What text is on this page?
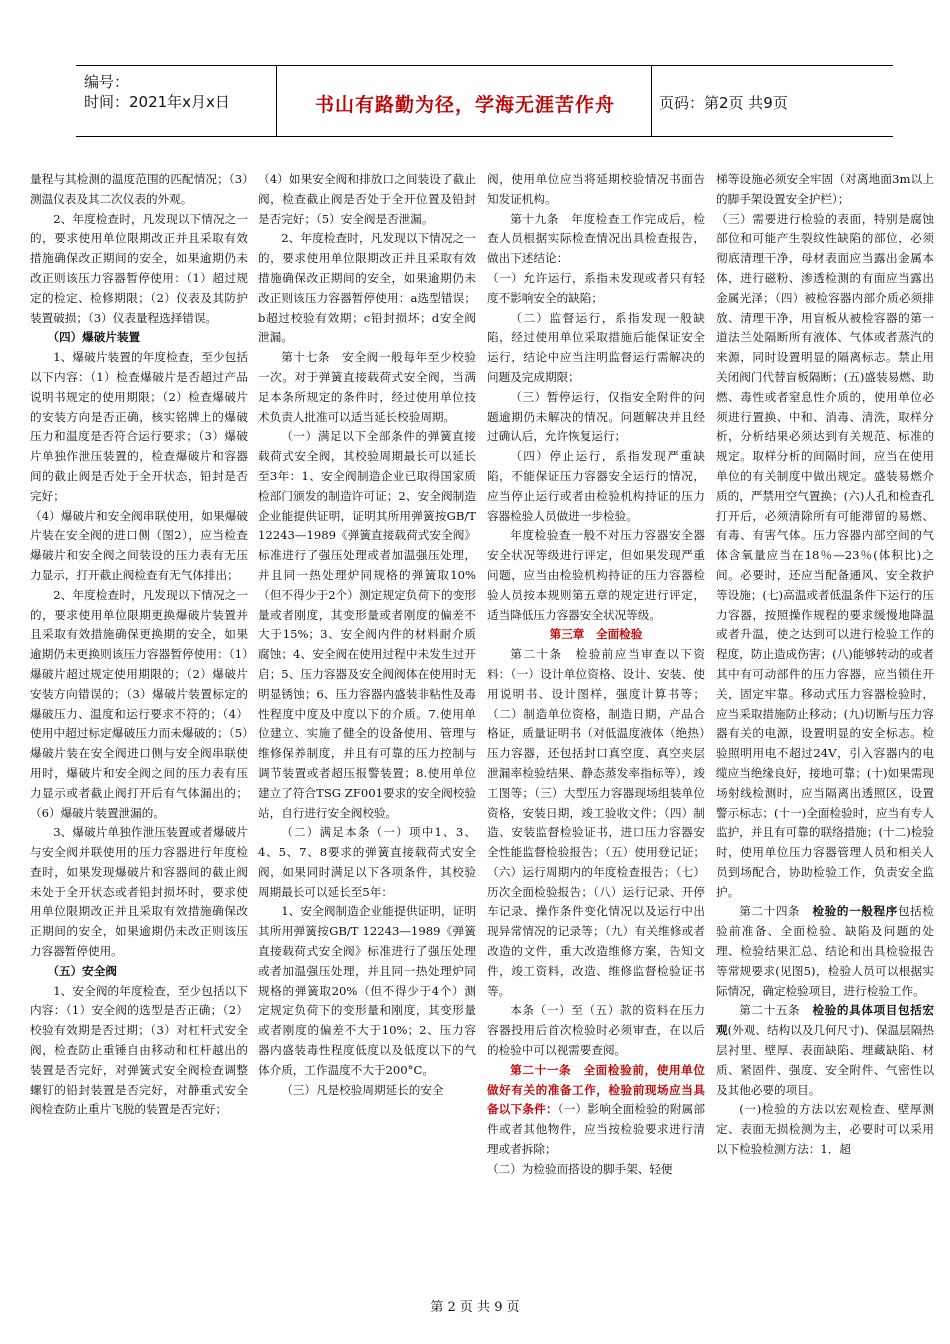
编号：
时间：2021年x月x日	书山有路勤为径，学海无涯苦作舟	页码：第2页 共9页

量程与其检测的温度范围的匹配情况；（3）测温仪表及其二次仪表的外观。

2、年度检查时，凡发现以下情况之一的，要求使用单位限期改正并且采取有效措施确保改正期间的安全，如果逾期仍未改正则该压力容器暂停使用：（1）超过规定的检定、检修期限；（2）仪表及其防护装置破损；（3）仪表量程选择错误。

（四）爆破片装置

1、爆破片装置的年度检查，至少包括以下内容：（1）检查爆破片是否超过产品说明书规定的使用期限；（2）检查爆破片的安装方向是否正确，核实铭牌上的爆破压力和温度是否符合运行要求；（3）爆破片单独作泄压装置的，检查爆破片和容器间的截止阀是否处于全开状态，铅封是否完好；

（4）爆破片和安全阀串联使用，如果爆破片装在安全阀的进口侧（图2），应当检查爆破片和安全阀之间装设的压力表有无压力显示，打开截止阀检查有无气体排出；

2、年度检查时，凡发现以下情况之一的，要求使用单位限期更换爆破片装置并且采取有效措施确保更换期的安全，如果逾期仍未更换则该压力容器暂停使用：（1）爆破片超过规定使用期限的；（2）爆破片安装方向错误的；（3）爆破片装置标定的爆破压力、温度和运行要求不符的；（4）使用中超过标定爆破压力而未爆破的；（5）爆破片装在安全阀进口侧与安全阀串联使用时，爆破片和安全阀之间的压力表有压力显示或者截止阀打开后有气体漏出的；（6）爆破片装置泄漏的。

3、爆破片单独作泄压装置或者爆破片与安全阀并联使用的压力容器进行年度检查时，如果发现爆破片和容器间的截止阀未处于全开状态或者铅封损坏时，要求使用单位限期改正并且采取有效措施确保改正期间的安全，如果逾期仍未改正则该压力容器暂停使用。

（五）安全阀

1、安全阀的年度检查，至少包括以下内容：（1）安全阀的选型是否正确；（2）校验有效期是否过期；（3）对杠杆式安全阀，检查防止重锤自由移动和杠杆越出的装置是否完好，对弹簧式安全阀检查调整螺钉的铅封装置是否完好，对静重式安全阀检查防止重片飞脱的装置是否完好；

（4）如果安全阀和排放口之间装设了截止阀，检查截止阀是否处于全开位置及铅封是否完好；（5）安全阀是否泄漏。

2、年度检查时，凡发现以下情况之一的，要求使用单位限期改正并且采取有效措施确保改正期间的安全，如果逾期仍未改正则该压力容器暂停使用：a选型错误；b超过校验有效期；c铅封损坏；d安全阀泄漏。

第十七条　安全阀一般每年至少校验一次。对于弹簧直接载荷式安全阀，当满足本条所规定的条件时，经过使用单位技术负责人批准可以适当延长校验周期。

（一）满足以下全部条件的弹簧直接载荷式安全阀，其校验周期最长可以延长至3年：1、安全阀制造企业已取得国家质检部门颁发的制造许可证；2、安全阀制造企业能提供证明，证明其所用弹簧按GB/T 12243—1989《弹簧直接载荷式安全阀》标准进行了强压处理或者加温强压处理，并且同一热处理炉同规格的弹簧取10%（但不得少于2个）测定规定负荷下的变形量或者刚度，其变形量或者刚度的偏差不大于15%；3、安全阀内件的材料耐介质腐蚀；4、安全阀在使用过程中未发生过开启；5、压力容器及安全阀阀体在使用时无明显锈蚀；6、压力容器内盛装非粘性及毒性程度中度及中度以下的介质。7.使用单位建立、实施了健全的设备使用、管理与维修保养制度，并且有可靠的压力控制与调节装置或者超压报警装置；8.使用单位建立了符合TSG ZF001要求的安全阀校验站，自行进行安全阀校验。

（二）满足本条（一）项中1、3、4、5、7、8要求的弹簧直接载荷式安全阀，如果同时满足以下各项条件，其校验周期最长可以延长至5年：

1、安全阀制造企业能提供证明，证明其所用弹簧按GB/T 12243—1989《弹簧直接载荷式安全阀》标准进行了强压处理或者加温强压处理，并且同一热处理炉同规格的弹簧取20%（但不得少于4个）测定规定负荷下的变形量和刚度，其变形量或者刚度的偏差不大于10%；2、压力容器内盛装毒性程度低度以及低度以下的气体介质，工作温度不大于200°C。

（三）凡是校验周期延长的安全

阀，使用单位应当将延期校验情况书面告知发证机构。

第十九条　年度检查工作完成后，检查人员根据实际检查情况出具检查报告，做出下述结论：

（一）允许运行，系指未发现或者只有轻度不影响安全的缺陷；

（二）监督运行，系指发现一般缺陷，经过使用单位采取措施后能保证安全运行，结论中应当注明监督运行需解决的问题及完成期限；

（三）暂停运行，仅指安全附件的问题逾期仍未解决的情况。问题解决并且经过确认后，允许恢复运行；

（四）停止运行，系指发现严重缺陷，不能保证压力容器安全运行的情况，应当停止运行或者由检验机构持证的压力容器检验人员做进一步检验。

年度检验查一般不对压力容器安全器安全状况等级进行评定，但如果发现严重问题，应当由检验机构持证的压力容器检验人员按本规则第五章的规定进行评定，适当降低压力容器安全状况等级。

第三章　全面检验

第二十条　检验前应当审查以下资料：（一）设计单位资格、设计、安装、使用说明书、设计图样，强度计算书等；（二）制造单位资格，制造日期，产品合格证，质量证明书（对低温度液体（绝热）压力容器，还包括封口真空度、真空夹层泄漏率检验结果、静态蒸发率指标等），竣工图等；（三）大型压力容器现场组装单位资格，安装日期，竣工验收文件；（四）制造、安装监督检验证书，进口压力容器安全性能监督检验报告；（五）使用登记证；（六）运行周期内的年度检查报告；（七）历次全面检验报告；（八）运行记录、开停车记录、操作条件变化情况以及运行中出现异常情况的记录等；（九）有关维修或者改造的文件，重大改造维修方案，告知文件，竣工资料，改造、维修监督检验证书等。

本条（一）至（五）款的资料在压力容器投用后首次检验时必须审查，在以后的检验中可以视需要查阅。

第二十一条　全面检验前，使用单位做好有关的准备工作，检验前现场应当具备以下条件：（一）影响全面检验的附属部件或者其他物件，应当按检验要求进行清理或者拆除；

（二）为检验而搭设的脚手架、轻便

梯等设施必须安全牢固（对离地面3m以上的脚手架设置安全护栏）；

（三）需要进行检验的表面，特别是腐蚀部位和可能产生裂纹性缺陷的部位，必须彻底清理干净，母材表面应当露出金属本体，进行磁粉、渗透检测的有面应当露出金属光泽；（四）被检容器内部介质必须排放、清理干净，用盲板从被检容器的第一道法兰处隔断所有液体、气体或者蒸汽的来源，同时设置明显的隔离标志。禁止用关闭阀门代替盲板隔断；(五)盛装易燃、助燃、毒性或者窒息性介质的，使用单位必须进行置换、中和、消毒、清洗，取样分析，分析结果必须达到有关规范、标准的规定。取样分析的间隔时间，应当在使用单位的有关制度中做出规定。盛装易燃介质的，严禁用空气置换；(六)人孔和检查孔打开后，必须清除所有可能滞留的易燃、有毒、有害气体。压力容器内部空间的气体含氧量应当在18％—23％(体积比)之间。必要时，还应当配备通风、安全救护等设施；(七)高温或者低温条件下运行的压力容器，按照操作规程的要求缓慢地降温或者升温，使之达到可以进行检验工作的程度，防止造成伤害；(八)能够转动的或者其中有可动部件的压力容器，应当锁住开关，固定牢靠。移动式压力容器检验时，应当采取措施防止移动；(九)切断与压力容器有关的电源，设置明显的安全标志。检验照明用电不超过24V，引入容器内的电缆应当绝缘良好，接地可靠；(十)如果需现场射线检测时，应当隔离出透照区，设置警示标志；(十一)全面检验时，应当有专人监护，并且有可靠的联络措施；(十二)检验时，使用单位压力容器管理人员和相关人员到场配合，协助检验工作，负责安全监护。

第二十四条　检验的一般程序包括检验前准备、全面检验、缺陷及问题的处理、检验结果汇总、结论和出具检验报告等常规要求(见图5)，检验人员可以根据实际情况，确定检验项目，进行检验工作。

第二十五条　检验的具体项目包括宏观(外观、结构以及几何尺寸)、保温层隔热层衬里、壁厚、表面缺陷、埋藏缺陷、材质、紧固件、强度、安全附件、气密性以及其他必要的项目。

(一)检验的方法以宏观检查、壁厚测定、表面无损检测为主，必要时可以采用以下检验检测方法：1．超

第 2 页 共 9 页
